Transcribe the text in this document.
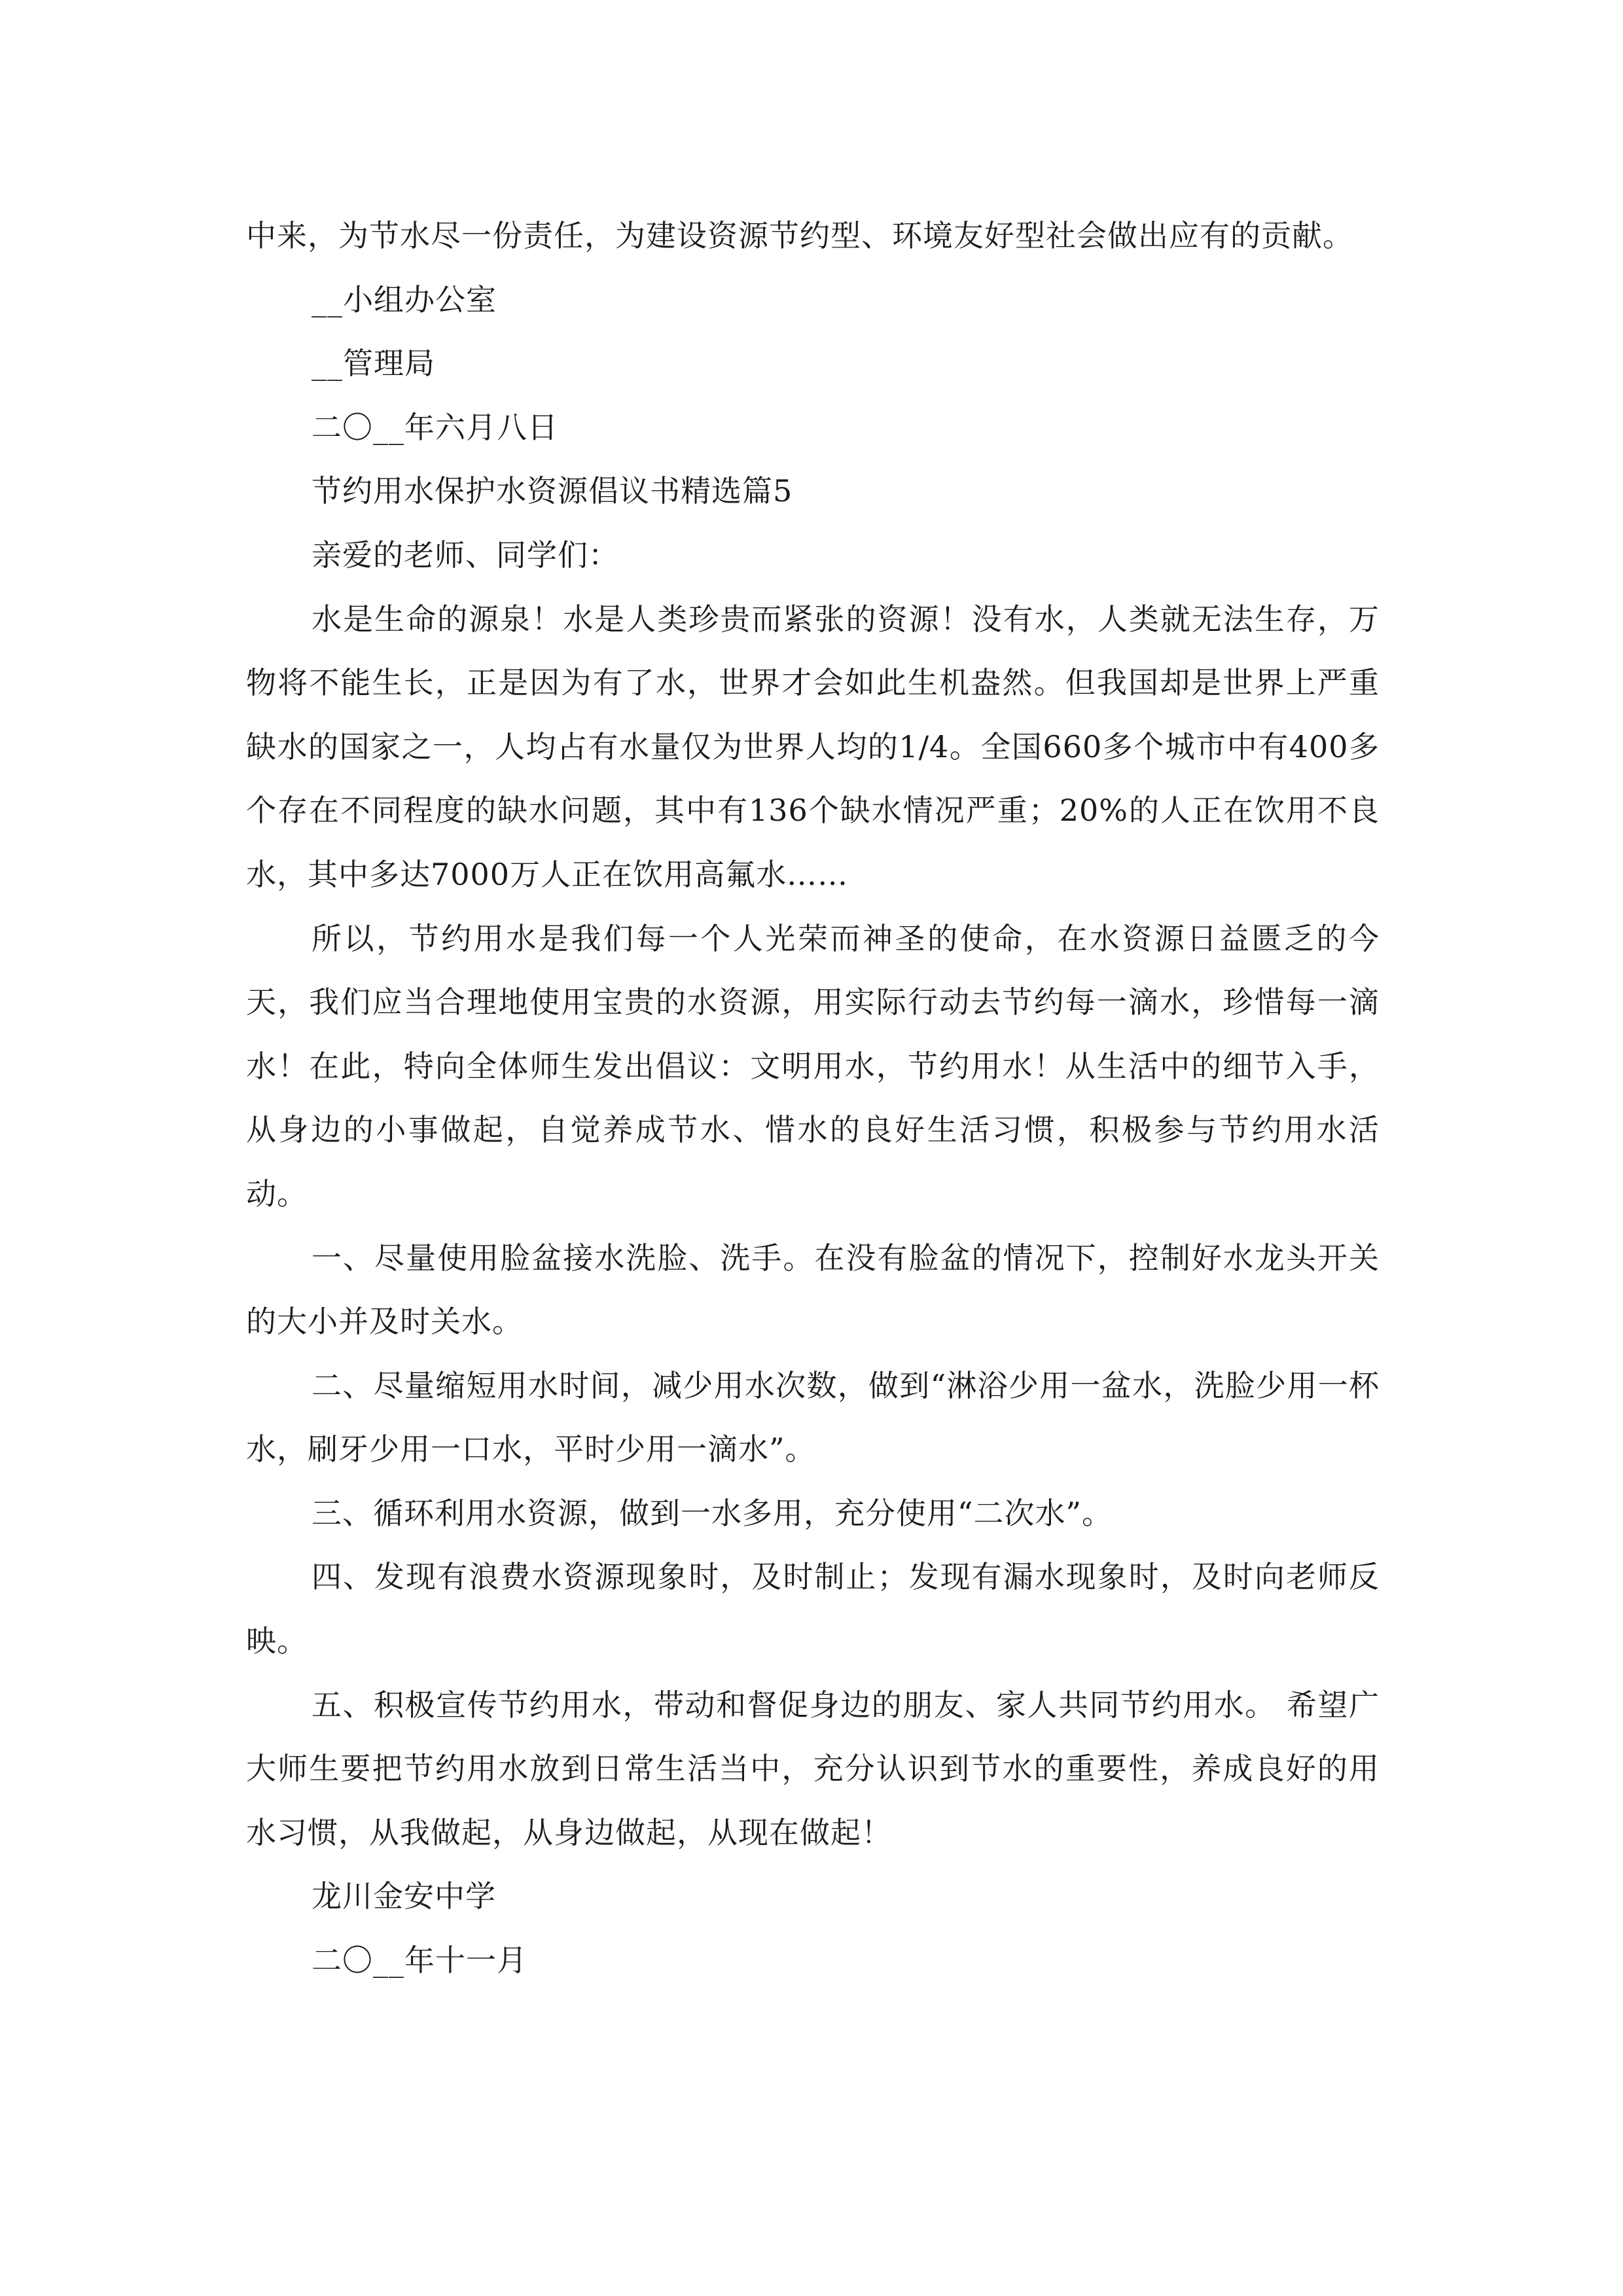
中来，为节水尽一份责任，为建设资源节约型、环境友好型社会做出应有的贡献。

__小组办公室

__管理局

二〇__年六月八日

节约用水保护水资源倡议书精选篇5

亲爱的老师、同学们：

水是生命的源泉！水是人类珍贵而紧张的资源！没有水，人类就无法生存，万物将不能生长，正是因为有了水，世界才会如此生机盎然。但我国却是世界上严重缺水的国家之一，人均占有水量仅为世界人均的1/4。全国660多个城市中有400多个存在不同程度的缺水问题，其中有136个缺水情况严重；20%的人正在饮用不良水，其中多达7000万人正在饮用高氟水……

所以，节约用水是我们每一个人光荣而神圣的使命，在水资源日益匮乏的今天，我们应当合理地使用宝贵的水资源，用实际行动去节约每一滴水，珍惜每一滴水！在此，特向全体师生发出倡议：文明用水，节约用水！从生活中的细节入手，从身边的小事做起，自觉养成节水、惜水的良好生活习惯，积极参与节约用水活动。

一、尽量使用脸盆接水洗脸、洗手。在没有脸盆的情况下，控制好水龙头开关的大小并及时关水。

二、尽量缩短用水时间，减少用水次数，做到“淋浴少用一盆水，洗脸少用一杯水，刷牙少用一口水，平时少用一滴水”。

三、循环利用水资源，做到一水多用，充分使用“二次水”。

四、发现有浪费水资源现象时，及时制止；发现有漏水现象时，及时向老师反映。

五、积极宣传节约用水，带动和督促身边的朋友、家人共同节约用水。 希望广大师生要把节约用水放到日常生活当中，充分认识到节水的重要性，养成良好的用水习惯，从我做起，从身边做起，从现在做起！

龙川金安中学

二〇__年十一月
